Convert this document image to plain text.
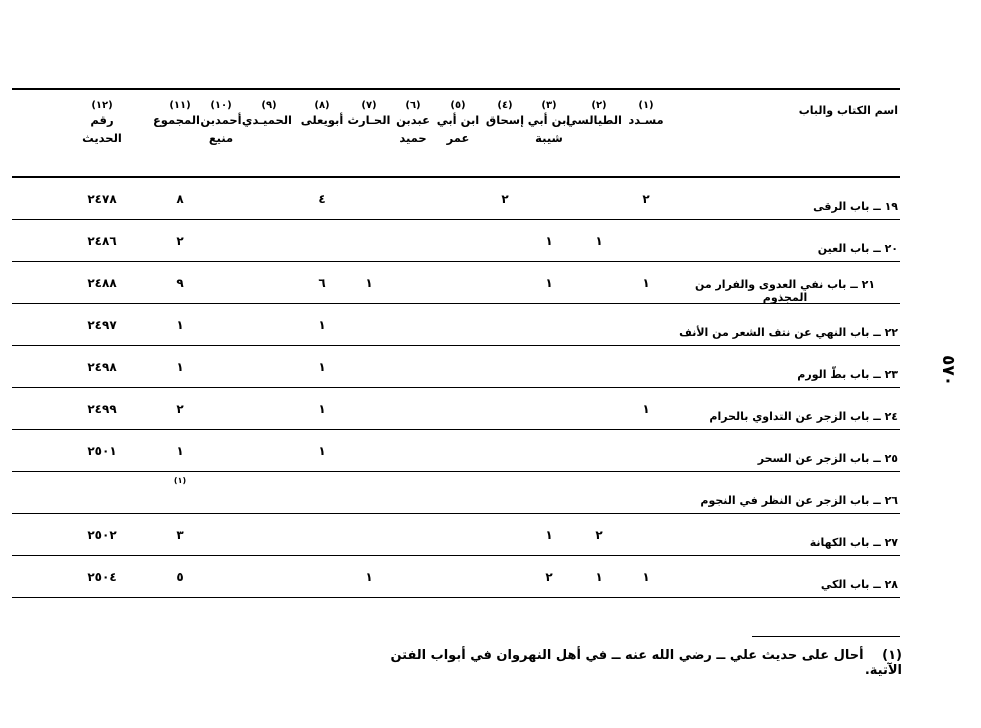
٥٧٠
اسم الكتاب والباب
(١)
مسـدد
(٢)
الطيالسي
(٣)
ابن أبي شيبة
(٤)
إسحاق
(٥)
ابن أبي عمر
(٦)
عبدبن حميد
(٧)
الحـارث
(٨)
أبويعلى
(٩)
الحميـدي
(١٠)
أحمدبن منيع
(١١)
المجموع
(١٢)
رقم الحديث
١٩ ــ باب الرقى
٢
٢
٤
٨
٢٤٧٨
٢٠ ــ باب العين
١
١
٢
٢٤٨٦
٢١ ــ باب نفي العدوى والفرار من المجذوم
١
١
١
٦
٩
٢٤٨٨
٢٢ ــ باب النهي عن نتف الشعر من الأنف
١
١
٢٤٩٧
٢٣ ــ باب بطّ الورم
١
١
٢٤٩٨
٢٤ ــ باب الزجر عن التداوي بالحرام
١
١
٢
٢٤٩٩
٢٥ ــ باب الزجر عن السحر
١
١
٢٥٠١
٢٦ ــ باب الزجر عن النظر في النجوم
(١)
٢٧ ــ باب الكهانة
٢
١
٣
٢٥٠٢
٢٨ ــ باب الكي
١
١
٢
١
٥
٢٥٠٤
(١) أحال على حديث علي ــ رضي الله عنه ــ في أهل النهروان في أبواب الفتن الآتية.
